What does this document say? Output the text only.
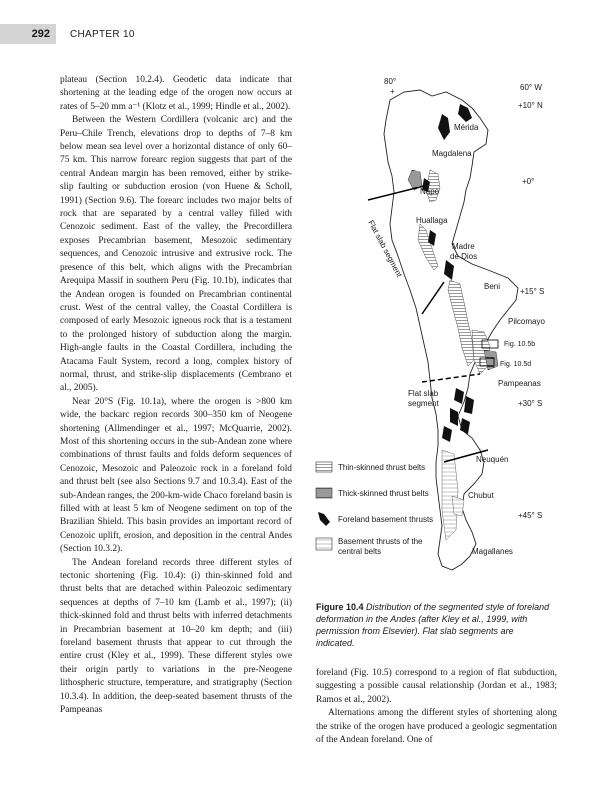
292	CHAPTER 10

plateau (Section 10.2.4). Geodetic data indicate that shortening at the leading edge of the orogen now occurs at rates of 5–20 mm a⁻¹ (Klotz et al., 1999; Hindle et al., 2002).

Between the Western Cordillera (volcanic arc) and the Peru–Chile Trench, elevations drop to depths of 7–8 km below mean sea level over a horizontal distance of only 60–75 km. This narrow forearc region suggests that part of the central Andean margin has been removed, either by strike-slip faulting or subduction erosion (von Huene & Scholl, 1991) (Section 9.6). The forearc includes two major belts of rock that are separated by a central valley filled with Cenozoic sediment. East of the valley, the Precordillera exposes Precambrian basement, Mesozoic sedimentary sequences, and Cenozoic intrusive and extrusive rock. The presence of this belt, which aligns with the Precambrian Arequipa Massif in southern Peru (Fig. 10.1b), indicates that the Andean orogen is founded on Precambrian continental crust. West of the central valley, the Coastal Cordillera is composed of early Mesozoic igneous rock that is a testament to the prolonged history of subduction along the margin. High-angle faults in the Coastal Cordillera, including the Atacama Fault System, record a long, complex history of normal, thrust, and strike-slip displacements (Cembrano et al., 2005).

Near 20°S (Fig. 10.1a), where the orogen is >800 km wide, the backarc region records 300–350 km of Neogene shortening (Allmendinger et al., 1997; McQuarrie, 2002). Most of this shortening occurs in the sub-Andean zone where combinations of thrust faults and folds deform sequences of Cenozoic, Mesozoic and Paleozoic rock in a foreland fold and thrust belt (see also Sections 9.7 and 10.3.4). East of the sub-Andean ranges, the 200-km-wide Chaco foreland basin is filled with at least 5 km of Neogene sediment on top of the Brazilian Shield. This basin provides an important record of Cenozoic uplift, erosion, and deposition in the central Andes (Section 10.3.2).

The Andean foreland records three different styles of tectonic shortening (Fig. 10.4): (i) thin-skinned fold and thrust belts that are detached within Paleozoic sedimentary sequences at depths of 7–10 km (Lamb et al., 1997); (ii) thick-skinned fold and thrust belts with inferred detachments in Precambrian basement at 10–20 km depth; and (iii) foreland basement thrusts that appear to cut through the entire crust (Kley et al., 1999). These different styles owe their origin partly to variations in the pre-Neogene lithospheric structure, temperature, and stratigraphy (Section 10.3.4). In addition, the deep-seated basement thrusts of the Pampeanas

80°
+	60° W
+10° N
+0°
+15° S
+30° S
+45° S
Mérida
Magdalena
Napo
Huallaga
Madre
de Dios
Beni
Pilcomayo
Fig. 10.5b
Fig. 10.5d
Pampeanas
Neuquén
Chubut
Magallanes
Flat slab segment
Flat slab
segment
Thin-skinned thrust belts
Thick-skinned thrust belts
Foreland basement thrusts
Basement thrusts of the
central belts
Figure 10.4 Distribution of the segmented style of foreland deformation in the Andes (after Kley et al., 1999, with permission from Elsevier). Flat slab segments are indicated.

foreland (Fig. 10.5) correspond to a region of flat subduction, suggesting a possible causal relationship (Jordan et al., 1983; Ramos et al., 2002).

Alternations among the different styles of shortening along the strike of the orogen have produced a geologic segmentation of the Andean foreland. One of
